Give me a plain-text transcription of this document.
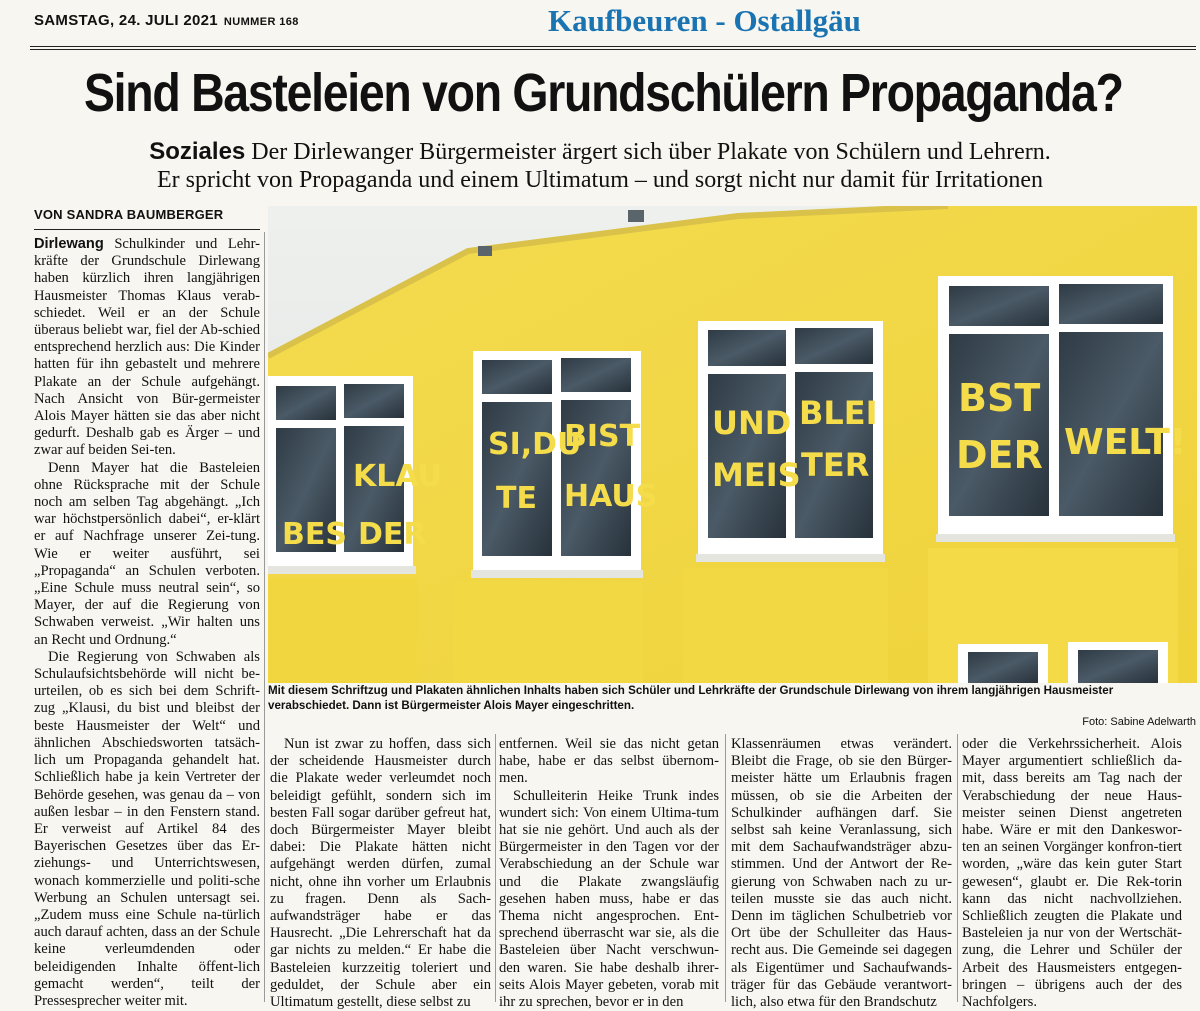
SAMSTAG, 24. JULI 2021 NUMMER 168	Kaufbeuren - Ostallgäu
Sind Basteleien von Grundschülern Propaganda?
Soziales Der Dirlewanger Bürgermeister ärgert sich über Plakate von Schülern und Lehrern.
Er spricht von Propaganda und einem Ultimatum – und sorgt nicht nur damit für Irritationen
VON SANDRA BAUMBERGER

Dirlewang Schulkinder und Lehr-kräfte der Grundschule Dirlewang haben kürzlich ihren langjährigen Hausmeister Thomas Klaus verab-schiedet. Weil er an der Schule überaus beliebt war, fiel der Ab-schied entsprechend herzlich aus: Die Kinder hatten für ihn gebastelt und mehrere Plakate an der Schule aufgehängt. Nach Ansicht von Bür-germeister Alois Mayer hätten sie das aber nicht gedurft. Deshalb gab es Ärger – und zwar auf beiden Sei-ten.

Denn Mayer hat die Basteleien ohne Rücksprache mit der Schule noch am selben Tag abgehängt. „Ich war höchstpersönlich dabei“, er-klärt er auf Nachfrage unserer Zei-tung. Wie er weiter ausführt, sei „Propaganda“ an Schulen verboten. „Eine Schule muss neutral sein“, so Mayer, der auf die Regierung von Schwaben verweist. „Wir halten uns an Recht und Ordnung.“

Die Regierung von Schwaben als Schulaufsichtsbehörde will nicht be-urteilen, ob es sich bei dem Schrift-zug „Klausi, du bist und bleibst der beste Hausmeister der Welt“ und ähnlichen Abschiedsworten tatsäch-lich um Propaganda gehandelt hat. Schließlich habe ja kein Vertreter der Behörde gesehen, was genau da – von außen lesbar – in den Fenstern stand. Er verweist auf Artikel 84 des Bayerischen Gesetzes über das Er-ziehungs- und Unterrichtswesen, wonach kommerzielle und politi-sche Werbung an Schulen untersagt sei. „Zudem muss eine Schule na-türlich auch darauf achten, dass an der Schule keine verleumdenden oder beleidigenden Inhalte öffent-lich gemacht werden“, teilt der Pressesprecher weiter mit.

KLAU
SI,DU
BIST UND BLEI BST
DER
BES
TE HAUS
MEIS TER
DER
WELT!
Mit diesem Schriftzug und Plakaten ähnlichen Inhalts haben sich Schüler und Lehrkräfte der Grundschule Dirlewang von ihrem langjährigen Hausmeister verabschiedet. Dann ist Bürgermeister Alois Mayer eingeschritten.
Foto: Sabine Adelwarth

Nun ist zwar zu hoffen, dass sich der scheidende Hausmeister durch die Plakate weder verleumdet noch beleidigt gefühlt, sondern sich im besten Fall sogar darüber gefreut hat, doch Bürgermeister Mayer bleibt dabei: Die Plakate hätten nicht aufgehängt werden dürfen, zumal nicht, ohne ihn vorher um Erlaubnis zu fragen. Denn als Sach-aufwandsträger habe er das Hausrecht. „Die Lehrerschaft hat da gar nichts zu melden.“ Er habe die Basteleien kurzzeitig toleriert und geduldet, der Schule aber ein Ultimatum gestellt, diese selbst zu

entfernen. Weil sie das nicht getan habe, habe er das selbst übernom-men.

Schulleiterin Heike Trunk indes wundert sich: Von einem Ultima-tum hat sie nie gehört. Und auch als der Bürgermeister in den Tagen vor der Verabschiedung an der Schule war und die Plakate zwangsläufig gesehen haben muss, habe er das Thema nicht angesprochen. Ent-sprechend überrascht war sie, als die Basteleien über Nacht verschwun-den waren. Sie habe deshalb ihrer-seits Alois Mayer gebeten, vorab mit ihr zu sprechen, bevor er in den

Klassenräumen etwas verändert. Bleibt die Frage, ob sie den Bürger-meister hätte um Erlaubnis fragen müssen, ob sie die Arbeiten der Schulkinder aufhängen darf. Sie selbst sah keine Veranlassung, sich mit dem Sachaufwandsträger abzu-stimmen. Und der Antwort der Re-gierung von Schwaben nach zu ur-teilen musste sie das auch nicht. Denn im täglichen Schulbetrieb vor Ort übe der Schulleiter das Haus-recht aus. Die Gemeinde sei dagegen als Eigentümer und Sachaufwands-träger für das Gebäude verantwort-lich, also etwa für den Brandschutz

oder die Verkehrssicherheit. Alois Mayer argumentiert schließlich da-mit, dass bereits am Tag nach der Verabschiedung der neue Haus-meister seinen Dienst angetreten habe. Wäre er mit den Dankeswor-ten an seinen Vorgänger konfron-tiert worden, „wäre das kein guter Start gewesen“, glaubt er. Die Rek-torin kann das nicht nachvollziehen. Schließlich zeugten die Plakate und Basteleien ja nur von der Wertschät-zung, die Lehrer und Schüler der Arbeit des Hausmeisters entgegen-bringen – übrigens auch der des Nachfolgers.
